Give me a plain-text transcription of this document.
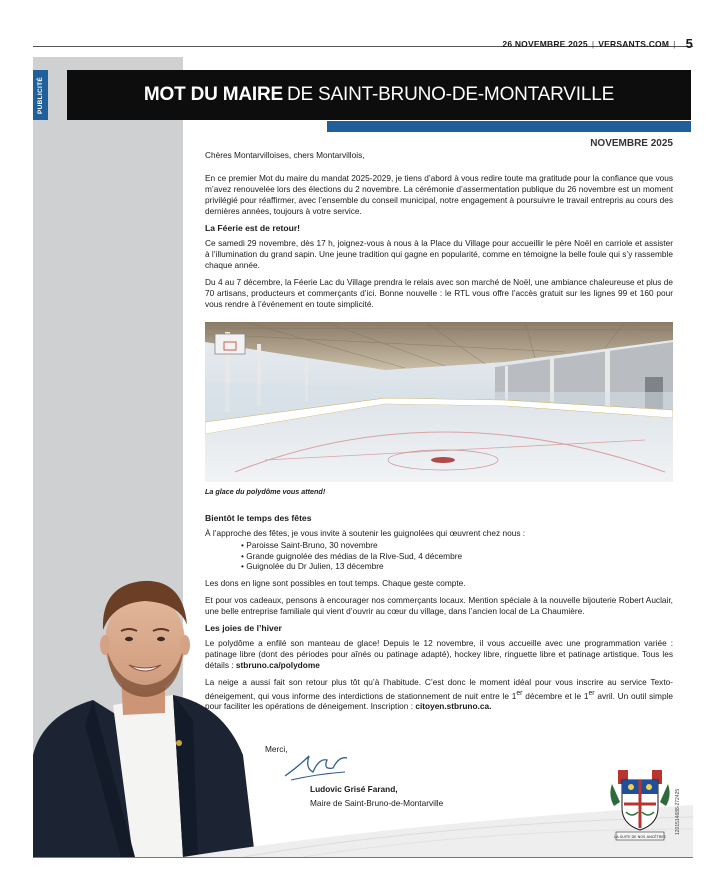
26 NOVEMBRE 2025 | VERSANTS.COM | 5
PUBLICITÉ	MOT DU MAIRE DE SAINT-BRUNO-DE-MONTARVILLE
NOVEMBRE 2025

Chères Montarvilloises, chers Montarvillois,

En ce premier Mot du maire du mandat 2025-2029, je tiens d’abord à vous redire toute ma gratitude pour la confiance que vous m’avez renouvelée lors des élections du 2 novembre. La cérémonie d’assermentation publique du 26 novembre est un moment privilégié pour réaffirmer, avec l’ensemble du conseil municipal, notre engagement à poursuivre le travail entrepris au cours des dernières années, toujours à votre service.

La Féerie est de retour!

Ce samedi 29 novembre, dès 17 h, joignez-vous à nous à la Place du Village pour accueillir le père Noël en carriole et assister à l’illumination du grand sapin. Une jeune tradition qui gagne en popularité, comme en témoigne la belle foule qui s’y rassemble chaque année.

Du 4 au 7 décembre, la Féerie Lac du Village prendra le relais avec son marché de Noël, une ambiance chaleureuse et plus de 70 artisans, producteurs et commerçants d’ici. Bonne nouvelle : le RTL vous offre l’accès gratuit sur les lignes 99 et 160 pour vous rendre à l’événement en toute simplicité.

La glace du polydôme vous attend!
Bientôt le temps des fêtes

À l’approche des fêtes, je vous invite à soutenir les guignolées qui œuvrent chez nous :

• Paroisse Saint-Bruno, 30 novembre
• Grande guignolée des médias de la Rive-Sud, 4 décembre
• Guignolée du Dr Julien, 13 décembre

Les dons en ligne sont possibles en tout temps. Chaque geste compte.

Et pour vos cadeaux, pensons à encourager nos commerçants locaux. Mention spéciale à la nouvelle bijouterie Robert Auclair, une belle entreprise familiale qui vient d’ouvrir au cœur du village, dans l’ancien local de La Chaumière.

Les joies de l’hiver

Le polydôme a enfilé son manteau de glace! Depuis le 12 novembre, il vous accueille avec une programmation variée : patinage libre (dont des périodes pour aînés ou patinage adapté), hockey libre, ringuette libre et patinage artistique. Tous les détails : stbruno.ca/polydome

La neige a aussi fait son retour plus tôt qu’à l’habitude. C’est donc le moment idéal pour vous inscrire au service Texto-déneigement, qui vous informe des interdictions de stationnement de nuit entre le 1er décembre et le 1er avril. Un outil simple pour faciliter les opérations de déneigement. Inscription : citoyen.stbruno.ca.

Merci,
Ludovic Grisé Farand,
Maire de Saint-Bruno-de-Montarville
LA SUITE DE NOS ANCÊTRES
1201514688-272425
